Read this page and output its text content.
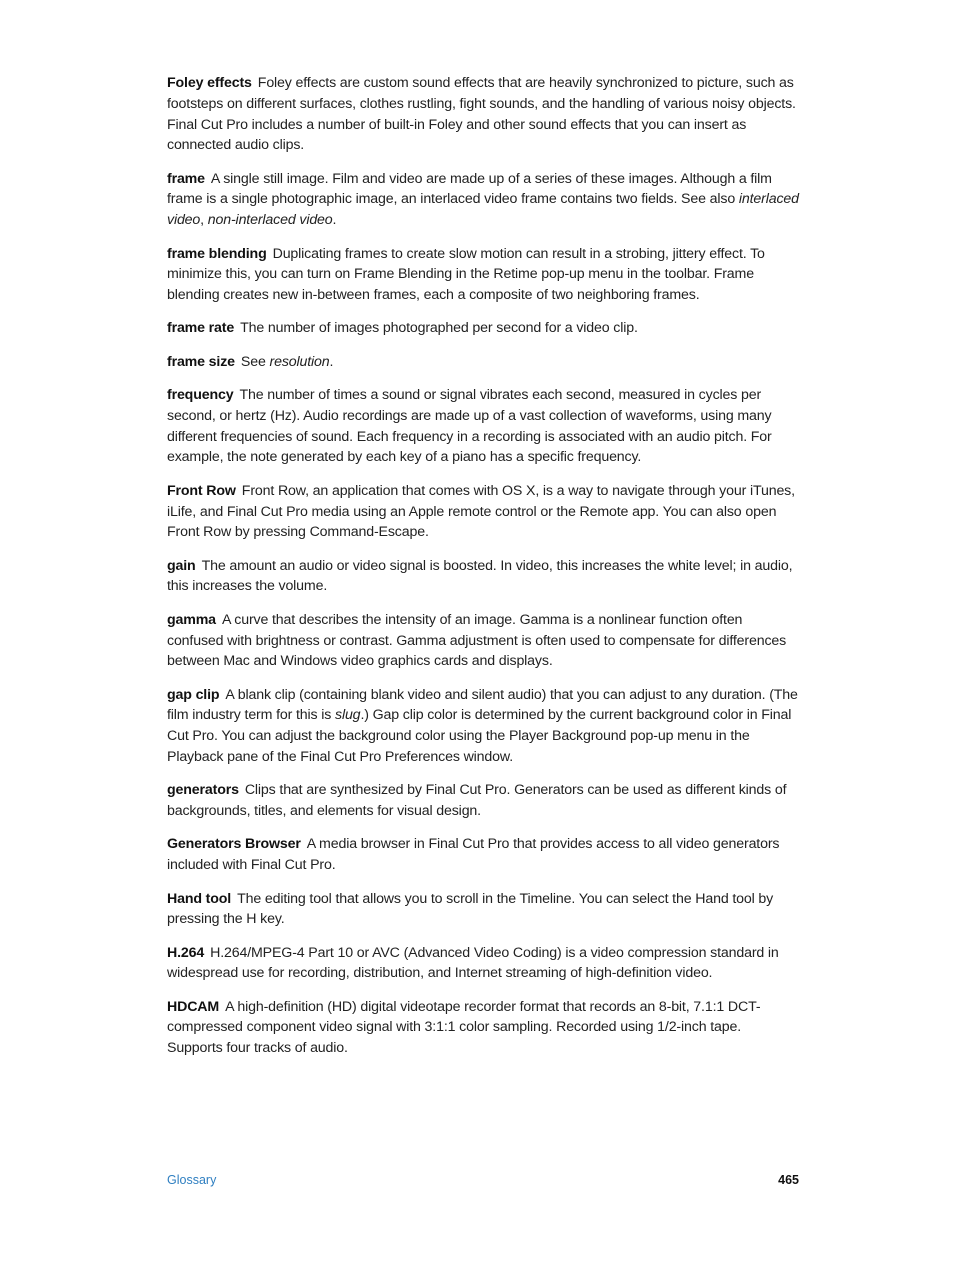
Foley effects Foley effects are custom sound effects that are heavily synchronized to picture, such as footsteps on different surfaces, clothes rustling, fight sounds, and the handling of various noisy objects. Final Cut Pro includes a number of built-in Foley and other sound effects that you can insert as connected audio clips.

frame A single still image. Film and video are made up of a series of these images. Although a film frame is a single photographic image, an interlaced video frame contains two fields. See also interlaced video, non-interlaced video.

frame blending Duplicating frames to create slow motion can result in a strobing, jittery effect. To minimize this, you can turn on Frame Blending in the Retime pop-up menu in the toolbar. Frame blending creates new in-between frames, each a composite of two neighboring frames.

frame rate The number of images photographed per second for a video clip.

frame size See resolution.

frequency The number of times a sound or signal vibrates each second, measured in cycles per second, or hertz (Hz). Audio recordings are made up of a vast collection of waveforms, using many different frequencies of sound. Each frequency in a recording is associated with an audio pitch. For example, the note generated by each key of a piano has a specific frequency.

Front Row Front Row, an application that comes with OS X, is a way to navigate through your iTunes, iLife, and Final Cut Pro media using an Apple remote control or the Remote app. You can also open Front Row by pressing Command-Escape.

gain The amount an audio or video signal is boosted. In video, this increases the white level; in audio, this increases the volume.

gamma A curve that describes the intensity of an image. Gamma is a nonlinear function often confused with brightness or contrast. Gamma adjustment is often used to compensate for differences between Mac and Windows video graphics cards and displays.

gap clip A blank clip (containing blank video and silent audio) that you can adjust to any duration. (The film industry term for this is slug.) Gap clip color is determined by the current background color in Final Cut Pro. You can adjust the background color using the Player Background pop-up menu in the Playback pane of the Final Cut Pro Preferences window.

generators Clips that are synthesized by Final Cut Pro. Generators can be used as different kinds of backgrounds, titles, and elements for visual design.

Generators Browser A media browser in Final Cut Pro that provides access to all video generators included with Final Cut Pro.

Hand tool The editing tool that allows you to scroll in the Timeline. You can select the Hand tool by pressing the H key.

H.264 H.264/MPEG-4 Part 10 or AVC (Advanced Video Coding) is a video compression standard in widespread use for recording, distribution, and Internet streaming of high-definition video.

HDCAM A high-definition (HD) digital videotape recorder format that records an 8-bit, 7.1:1 DCT-compressed component video signal with 3:1:1 color sampling. Recorded using 1/2-inch tape. Supports four tracks of audio.

Glossary	465
